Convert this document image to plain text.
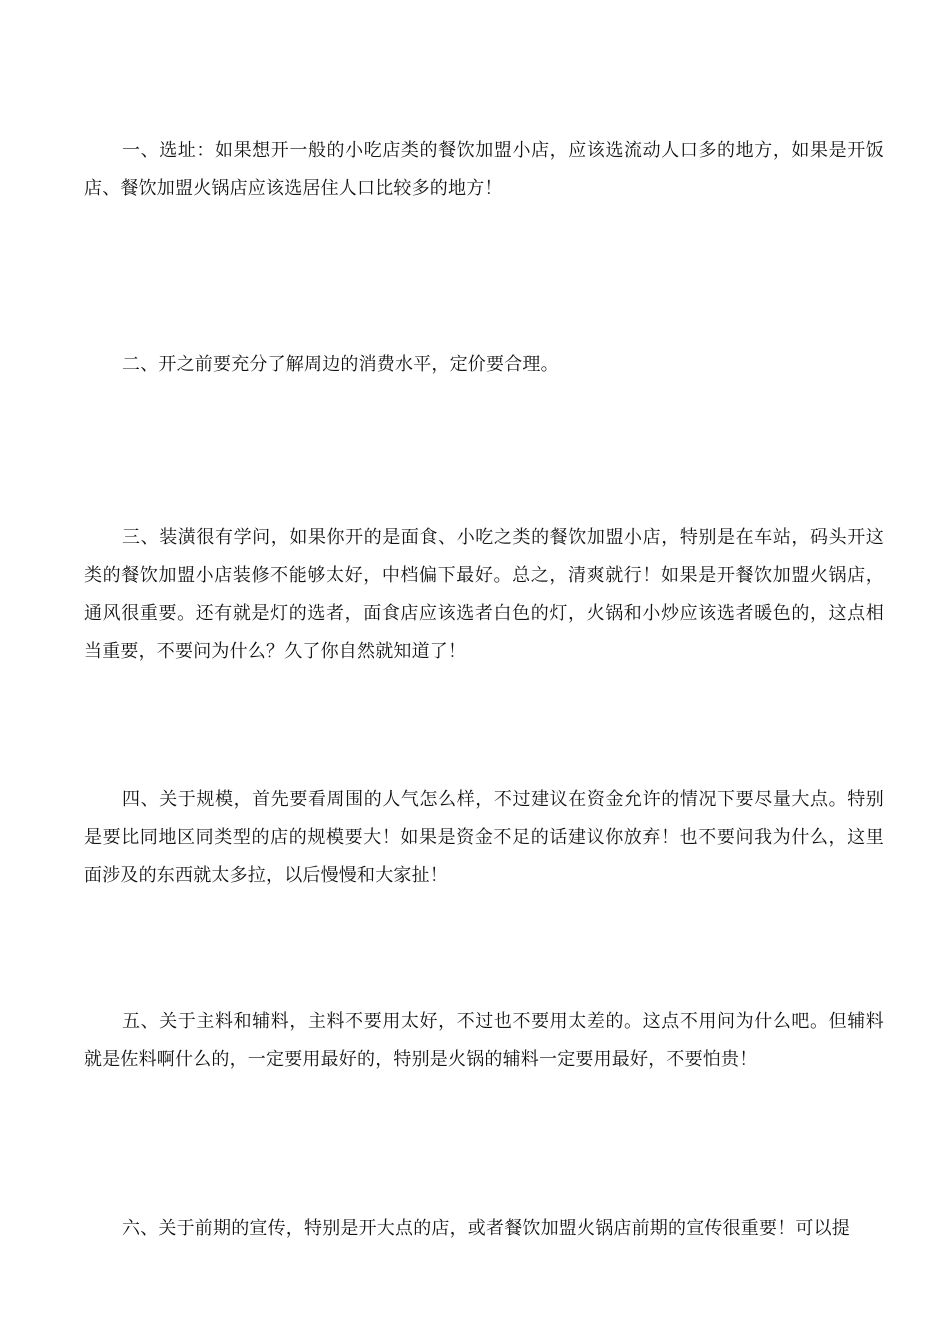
一、选址：如果想开一般的小吃店类的餐饮加盟小店，应该选流动人口多的地方，如果是开饭店、餐饮加盟火锅店应该选居住人口比较多的地方！

二、开之前要充分了解周边的消费水平，定价要合理。

三、装潢很有学问，如果你开的是面食、小吃之类的餐饮加盟小店，特别是在车站，码头开这类的餐饮加盟小店装修不能够太好，中档偏下最好。总之，清爽就行！如果是开餐饮加盟火锅店，通风很重要。还有就是灯的选者，面食店应该选者白色的灯，火锅和小炒应该选者暖色的，这点相当重要，不要问为什么？久了你自然就知道了！

四、关于规模，首先要看周围的人气怎么样，不过建议在资金允许的情况下要尽量大点。特别是要比同地区同类型的店的规模要大！如果是资金不足的话建议你放弃！也不要问我为什么，这里面涉及的东西就太多拉，以后慢慢和大家扯！

五、关于主料和辅料，主料不要用太好，不过也不要用太差的。这点不用问为什么吧。但辅料就是佐料啊什么的，一定要用最好的，特别是火锅的辅料一定要用最好，不要怕贵！

六、关于前期的宣传，特别是开大点的店，或者餐饮加盟火锅店前期的宣传很重要！可以提
